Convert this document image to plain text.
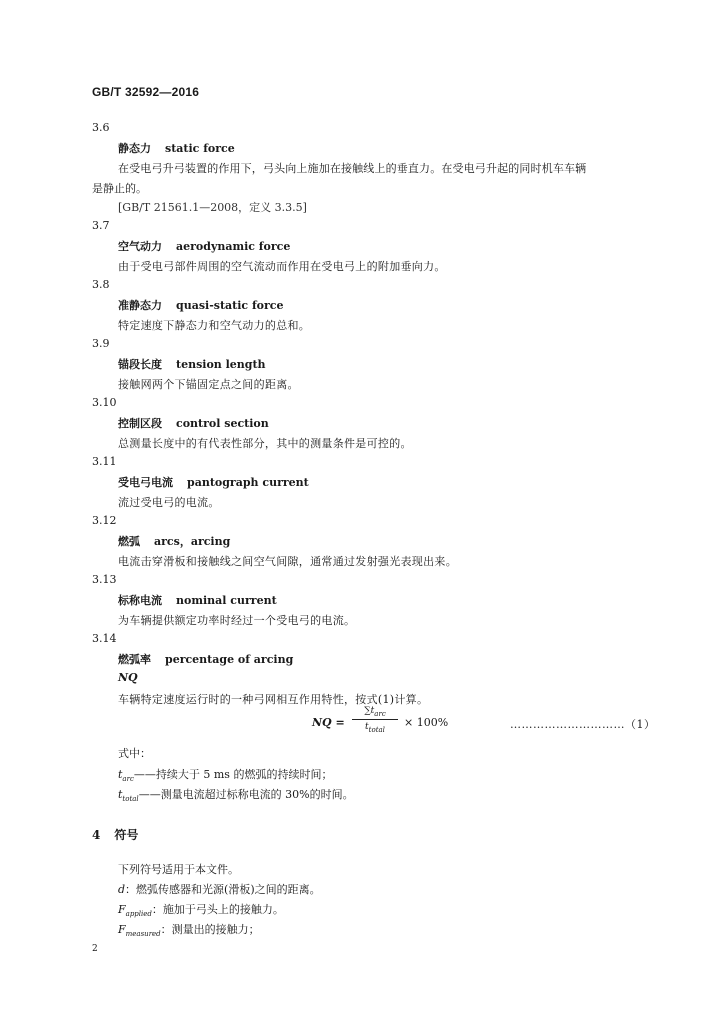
GB/T 32592—2016
3.6
静态力 static force
在受电弓升弓装置的作用下，弓头向上施加在接触线上的垂直力。在受电弓升起的同时机车车辆
是静止的。
[GB/T 21561.1—2008，定义 3.3.5]
3.7
空气动力 aerodynamic force
由于受电弓部件周围的空气流动而作用在受电弓上的附加垂向力。
3.8
准静态力 quasi-static force
特定速度下静态力和空气动力的总和。
3.9
锚段长度 tension length
接触网两个下锚固定点之间的距离。
3.10
控制区段 control section
总测量长度中的有代表性部分，其中的测量条件是可控的。
3.11
受电弓电流 pantograph current
流过受电弓的电流。
3.12
燃弧 arcs，arcing
电流击穿滑板和接触线之间空气间隙，通常通过发射强光表现出来。
3.13
标称电流 nominal current
为车辆提供额定功率时经过一个受电弓的电流。
3.14
燃弧率 percentage of arcing
NQ
车辆特定速度运行时的一种弓网相互作用特性，按式(1)计算。
NQ =
$\sum t_{arc}$
$t_{total}$
× 100%	…………………………（1）
式中：
$t_{arc}——$持续大于 5 ms 的燃弧的持续时间；
$t_{total}——$测量电流超过标称电流的 30%的时间。
4 符号
下列符号适用于本文件。
d：燃弧传感器和光源(滑板)之间的距离。
$F_{applied}$：施加于弓头上的接触力。
$F_{measured}$：测量出的接触力；
2
